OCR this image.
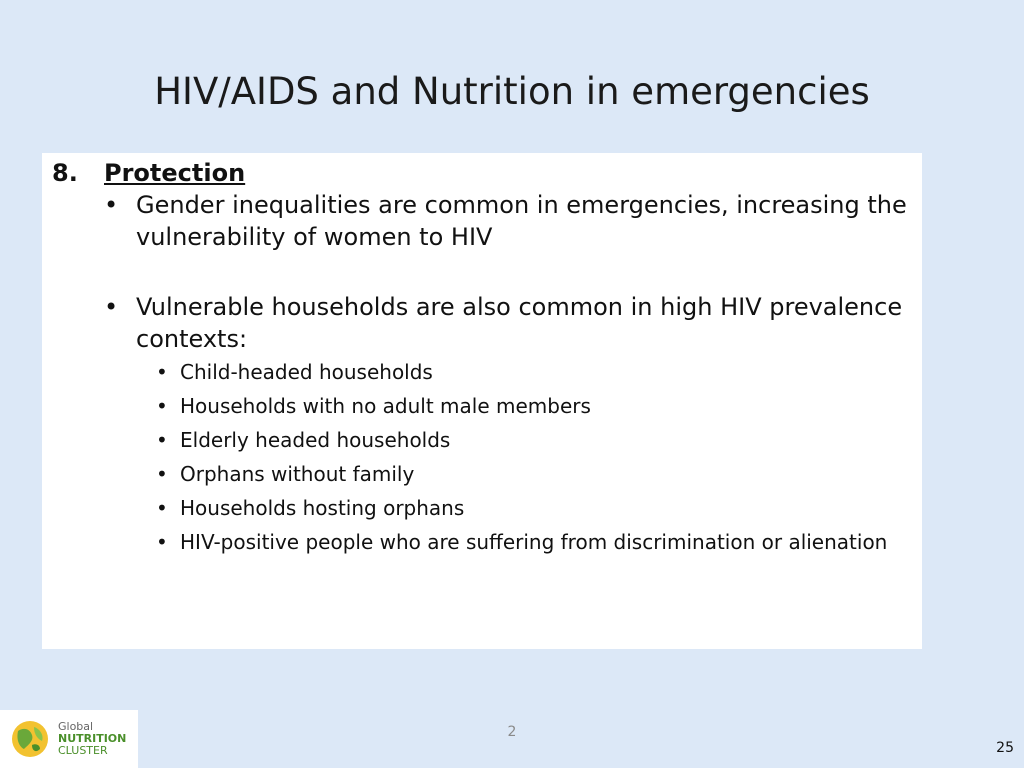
HIV/AIDS and Nutrition in emergencies
8.	Protection
• Gender inequalities are common in emergencies, increasing the vulnerability of women to HIV
• Vulnerable households are also common in high HIV prevalence contexts:
• Child-headed households
• Households with no adult male members
• Elderly headed households
• Orphans without family
• Households hosting orphans
• HIV-positive people who are suffering from discrimination or alienation
Global
NUTRITION
CLUSTER
2
25
